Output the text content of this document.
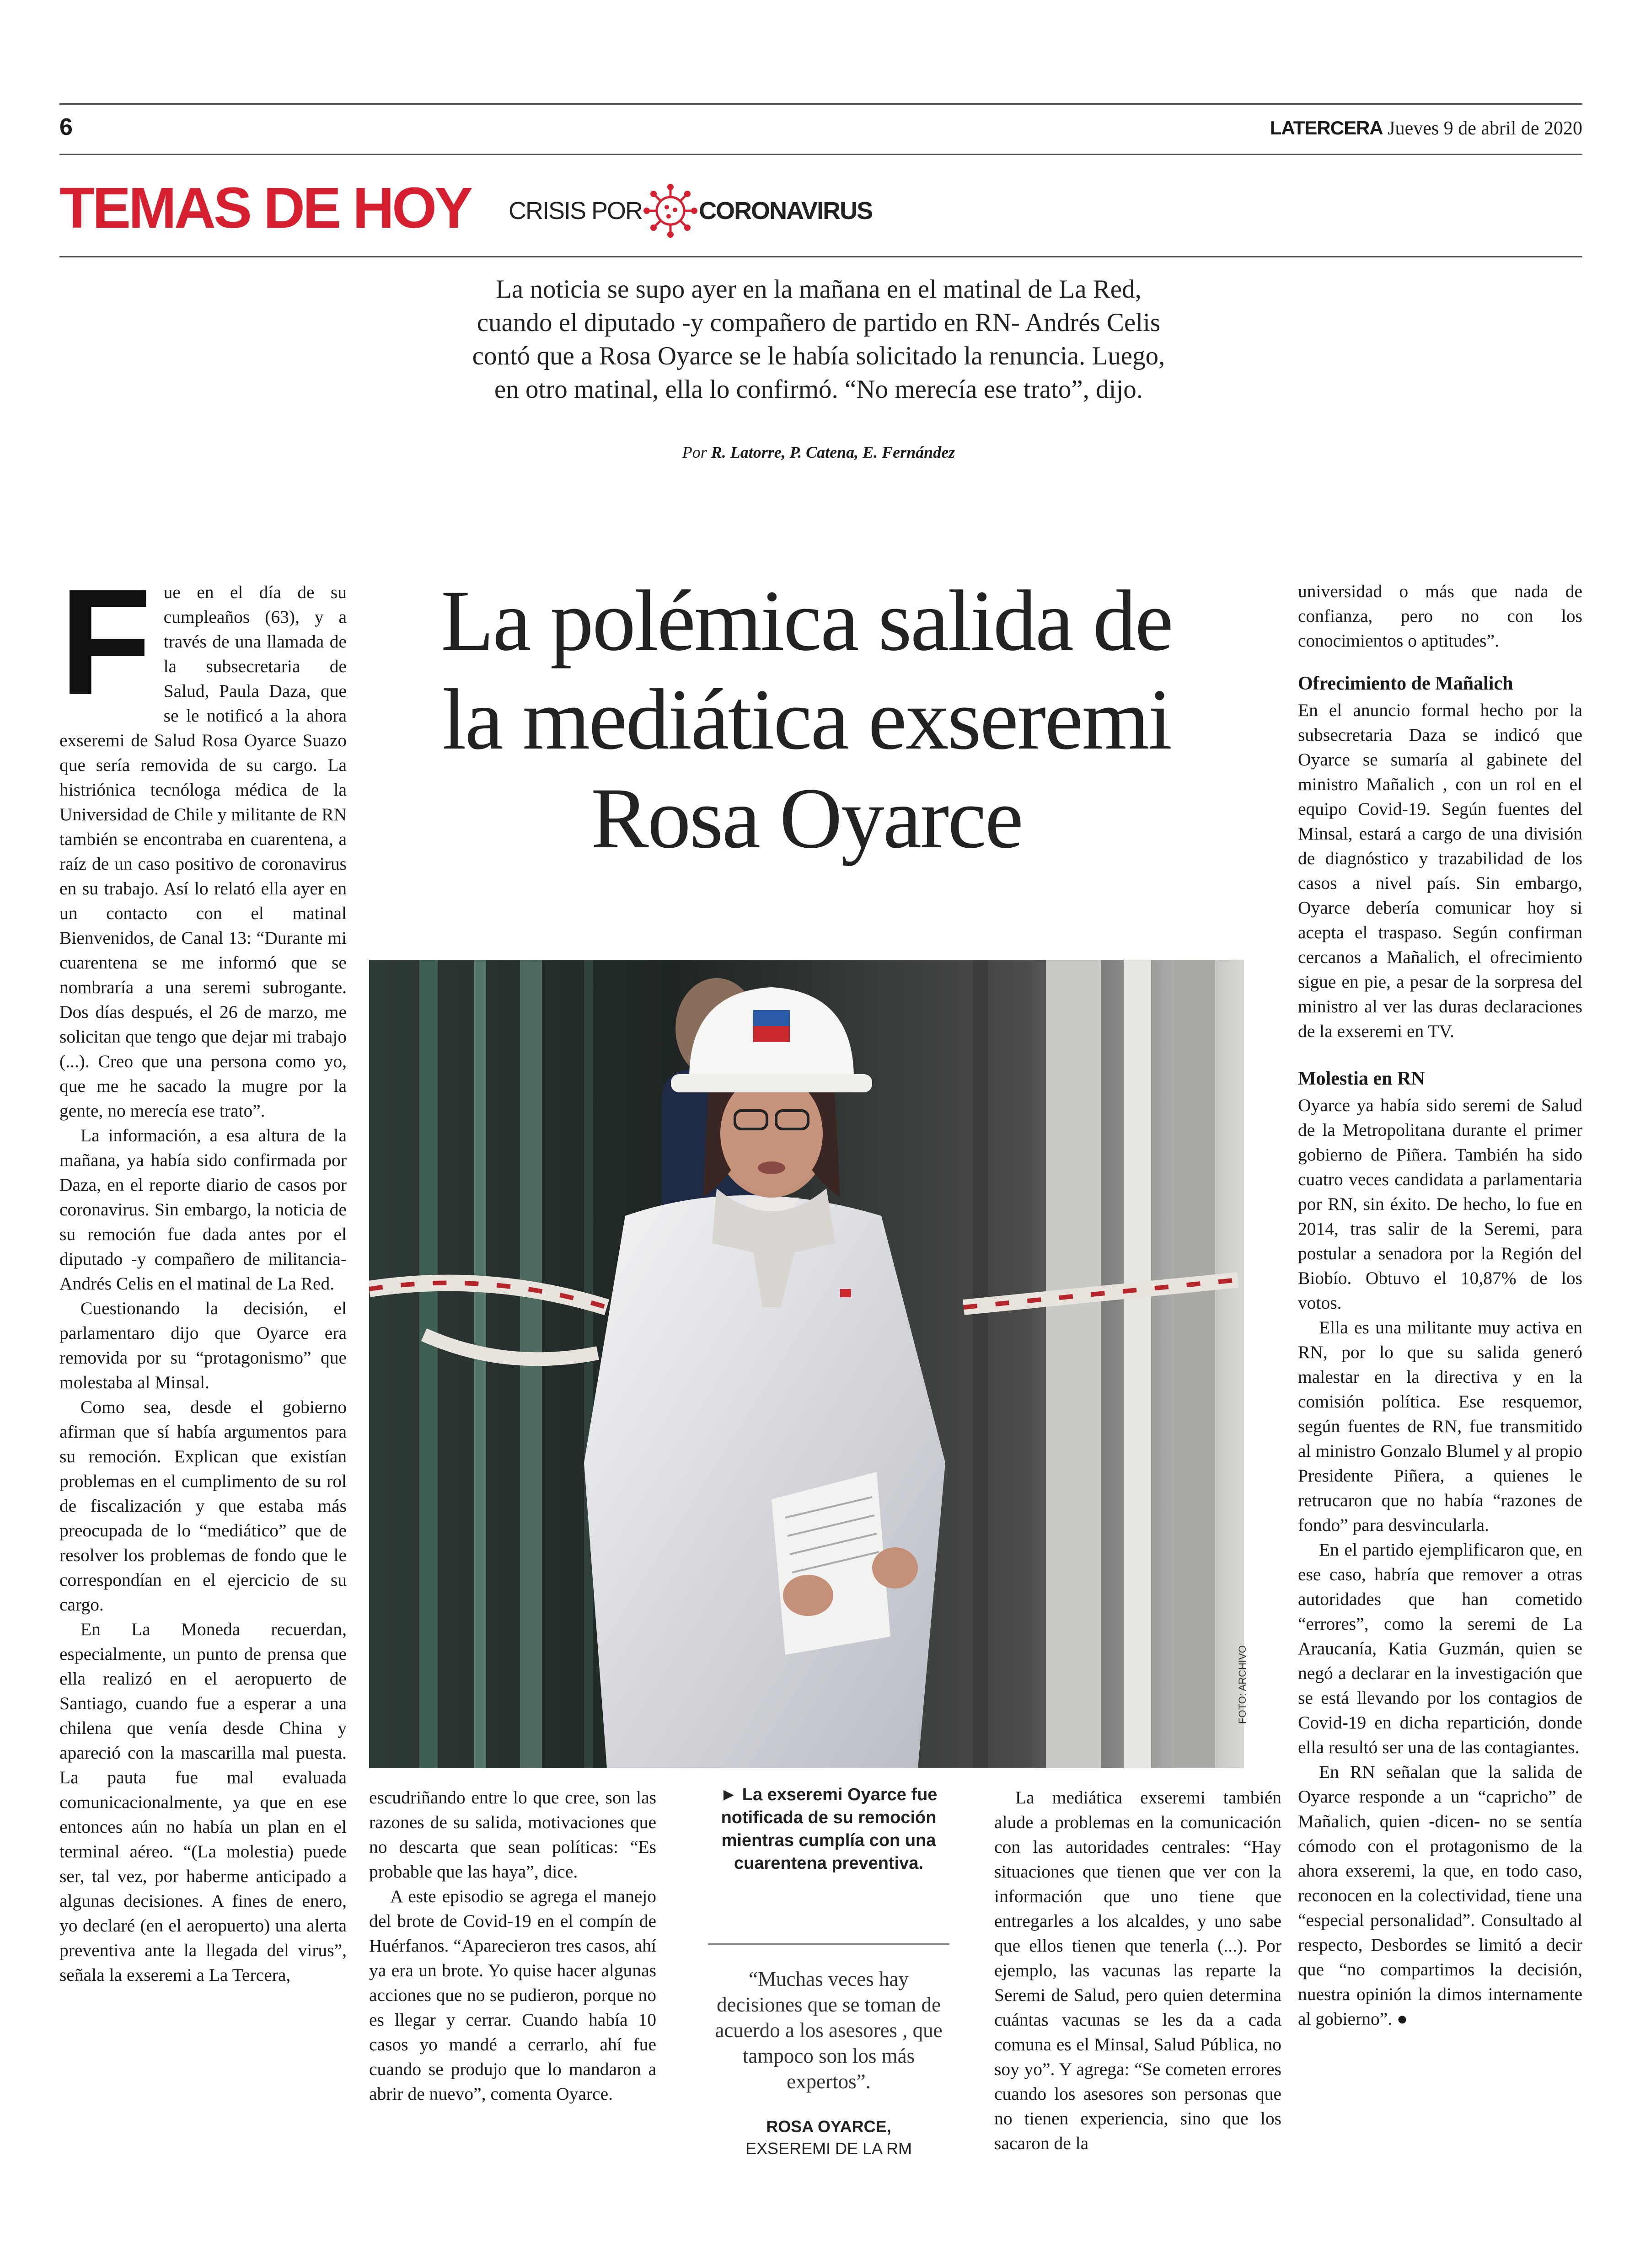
6	LATERCERA Jueves 9 de abril de 2020
TEMAS DE HOY CRISIS POR CORONAVIRUS
La noticia se supo ayer en la mañana en el matinal de La Red,
cuando el diputado -y compañero de partido en RN- Andrés Celis
contó que a Rosa Oyarce se le había solicitado la renuncia. Luego,
en otro matinal, ella lo confirmó. “No merecía ese trato”, dijo.
Por R. Latorre, P. Catena, E. Fernández
La polémica salida de
la mediática exseremi
Rosa Oyarce
FOTO: ARCHIVO

F ue en el día de su cumpleaños (63), y a través de una llamada de la subsecretaria de Salud, Paula Daza, que se le notificó a la ahora exseremi de Salud Rosa Oyarce Suazo que sería removida de su cargo. La histriónica tecnóloga médica de la Universidad de Chile y militante de RN también se encontraba en cuarentena, a raíz de un caso positivo de coronavirus en su trabajo. Así lo relató ella ayer en un contacto con el matinal Bienvenidos, de Canal 13: “Durante mi cuarentena se me informó que se nombraría a una seremi subrogante. Dos días después, el 26 de marzo, me solicitan que tengo que dejar mi trabajo (...). Creo que una persona como yo, que me he sacado la mugre por la gente, no merecía ese trato”.

La información, a esa altura de la mañana, ya había sido confirmada por Daza, en el reporte diario de casos por coronavirus. Sin embargo, la noticia de su remoción fue dada antes por el diputado -y compañero de militancia- Andrés Celis en el matinal de La Red.

Cuestionando la decisión, el parlamentaro dijo que Oyarce era removida por su “protagonismo” que molestaba al Minsal.

Como sea, desde el gobierno afirman que sí había argumentos para su remoción. Explican que existían problemas en el cumplimento de su rol de fiscalización y que estaba más preocupada de lo “mediático” que de resolver los problemas de fondo que le correspondían en el ejercicio de su cargo.

En La Moneda recuerdan, especialmente, un punto de prensa que ella realizó en el aeropuerto de Santiago, cuando fue a esperar a una chilena que venía desde China y apareció con la mascarilla mal puesta. La pauta fue mal evaluada comunicacionalmente, ya que en ese entonces aún no había un plan en el terminal aéreo. “(La molestia) puede ser, tal vez, por haberme anticipado a algunas decisiones. A fines de enero, yo declaré (en el aeropuerto) una alerta preventiva ante la llegada del virus”, señala la exseremi a La Tercera,

escudriñando entre lo que cree, son las razones de su salida, motivaciones que no descarta que sean políticas: “Es probable que las haya”, dice.

A este episodio se agrega el manejo del brote de Covid-19 en el compín de Huérfanos. “Aparecieron tres casos, ahí ya era un brote. Yo quise hacer algunas acciones que no se pudieron, porque no es llegar y cerrar. Cuando había 10 casos yo mandé a cerrarlo, ahí fue cuando se produjo que lo mandaron a abrir de nuevo”, comenta Oyarce.

► La exseremi Oyarce fue notificada de su remoción mientras cumplía con una cuarentena preventiva.
“Muchas veces hay decisiones que se toman de acuerdo a los asesores , que tampoco son los más expertos”.
ROSA OYARCE,
EXSEREMI DE LA RM

La mediática exseremi también alude a problemas en la comunicación con las autoridades centrales: “Hay situaciones que tienen que ver con la información que uno tiene que entregarles a los alcaldes, y uno sabe que ellos tienen que tenerla (...). Por ejemplo, las vacunas las reparte la Seremi de Salud, pero quien determina cuántas vacunas se les da a cada comuna es el Minsal, Salud Pública, no soy yo”. Y agrega: “Se cometen errores cuando los asesores son personas que no tienen experiencia, sino que los sacaron de la

universidad o más que nada de confianza, pero no con los conocimientos o aptitudes”.

Ofrecimiento de Mañalich

En el anuncio formal hecho por la subsecretaria Daza se indicó que Oyarce se sumaría al gabinete del ministro Mañalich , con un rol en el equipo Covid-19. Según fuentes del Minsal, estará a cargo de una división de diagnóstico y trazabilidad de los casos a nivel país. Sin embargo, Oyarce debería comunicar hoy si acepta el traspaso. Según confirman cercanos a Mañalich, el ofrecimiento sigue en pie, a pesar de la sorpresa del ministro al ver las duras declaraciones de la exseremi en TV.

Molestia en RN

Oyarce ya había sido seremi de Salud de la Metropolitana durante el primer gobierno de Piñera. También ha sido cuatro veces candidata a parlamentaria por RN, sin éxito. De hecho, lo fue en 2014, tras salir de la Seremi, para postular a senadora por la Región del Biobío. Obtuvo el 10,87% de los votos.

Ella es una militante muy activa en RN, por lo que su salida generó malestar en la directiva y en la comisión política. Ese resquemor, según fuentes de RN, fue transmitido al ministro Gonzalo Blumel y al propio Presidente Piñera, a quienes le retrucaron que no había “razones de fondo” para desvincularla.

En el partido ejemplificaron que, en ese caso, habría que remover a otras autoridades que han cometido “errores”, como la seremi de La Araucanía, Katia Guzmán, quien se negó a declarar en la investigación que se está llevando por los contagios de Covid-19 en dicha repartición, donde ella resultó ser una de las contagiantes.

En RN señalan que la salida de Oyarce responde a un “capricho” de Mañalich, quien -dicen- no se sentía cómodo con el protagonismo de la ahora exseremi, la que, en todo caso, reconocen en la colectividad, tiene una “especial personalidad”. Consultado al respecto, Desbordes se limitó a decir que “no compartimos la decisión, nuestra opinión la dimos internamente al gobierno”. ●
